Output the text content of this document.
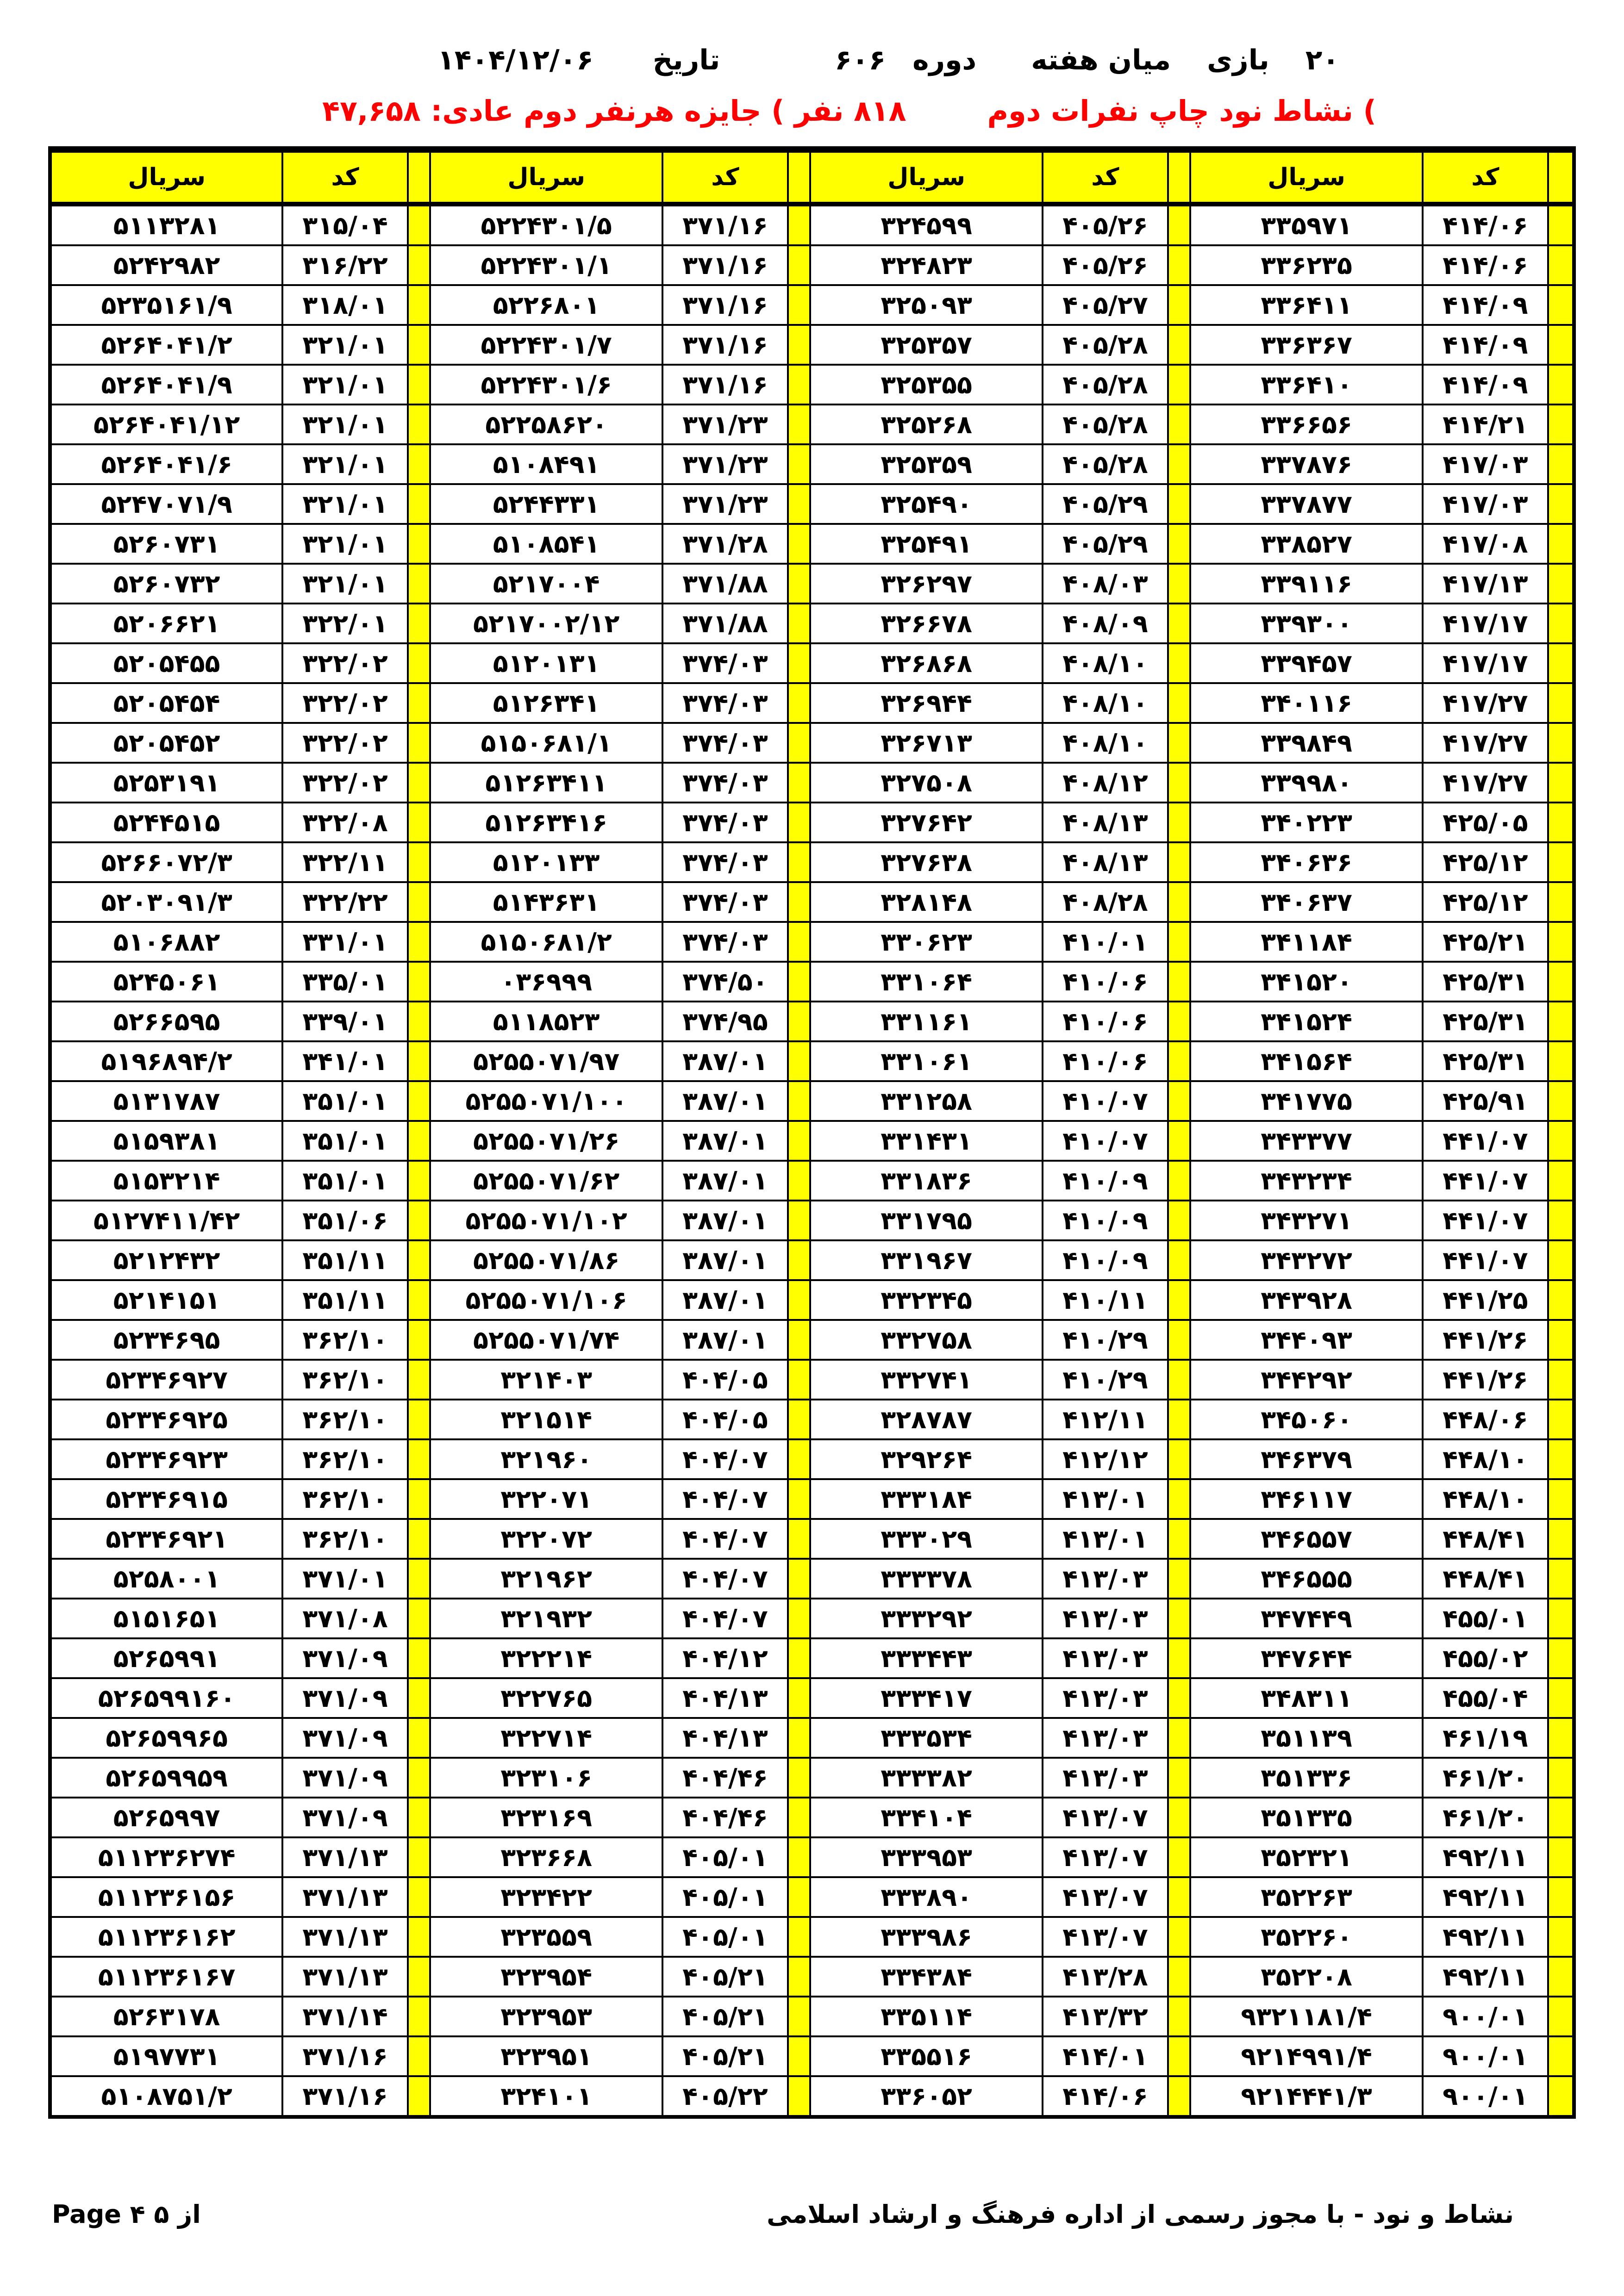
۲۰
بازی
میان هفته
دوره
۶۰۶
تاریخ
۱۴۰۴/۱۲/۰۶
) نشاط نود چاپ نفرات دوم
۸۱۸ نفر ) جایزه هرنفر دوم عادی: ۴۷,۶۵۸
	کد	سریال		کد	سریال		کد	سریال		کد	سریال
	۴۱۴/۰۶	۳۳۵۹۷۱		۴۰۵/۲۶	۳۲۴۵۹۹		۳۷۱/۱۶	۵۲۲۴۳۰۱/۵		۳۱۵/۰۴	۵۱۱۳۲۸۱
	۴۱۴/۰۶	۳۳۶۲۳۵		۴۰۵/۲۶	۳۲۴۸۲۳		۳۷۱/۱۶	۵۲۲۴۳۰۱/۱		۳۱۶/۲۲	۵۲۴۲۹۸۲
	۴۱۴/۰۹	۳۳۶۴۱۱		۴۰۵/۲۷	۳۲۵۰۹۳		۳۷۱/۱۶	۵۲۲۶۸۰۱		۳۱۸/۰۱	۵۲۳۵۱۶۱/۹
	۴۱۴/۰۹	۳۳۶۳۶۷		۴۰۵/۲۸	۳۲۵۳۵۷		۳۷۱/۱۶	۵۲۲۴۳۰۱/۷		۳۲۱/۰۱	۵۲۶۴۰۴۱/۲
	۴۱۴/۰۹	۳۳۶۴۱۰		۴۰۵/۲۸	۳۲۵۳۵۵		۳۷۱/۱۶	۵۲۲۴۳۰۱/۶		۳۲۱/۰۱	۵۲۶۴۰۴۱/۹
	۴۱۴/۲۱	۳۳۶۶۵۶		۴۰۵/۲۸	۳۲۵۲۶۸		۳۷۱/۲۳	۵۲۲۵۸۶۲۰		۳۲۱/۰۱	۵۲۶۴۰۴۱/۱۲
	۴۱۷/۰۳	۳۳۷۸۷۶		۴۰۵/۲۸	۳۲۵۳۵۹		۳۷۱/۲۳	۵۱۰۸۴۹۱		۳۲۱/۰۱	۵۲۶۴۰۴۱/۶
	۴۱۷/۰۳	۳۳۷۸۷۷		۴۰۵/۲۹	۳۲۵۴۹۰		۳۷۱/۲۳	۵۲۴۴۳۳۱		۳۲۱/۰۱	۵۲۴۷۰۷۱/۹
	۴۱۷/۰۸	۳۳۸۵۲۷		۴۰۵/۲۹	۳۲۵۴۹۱		۳۷۱/۲۸	۵۱۰۸۵۴۱		۳۲۱/۰۱	۵۲۶۰۷۳۱
	۴۱۷/۱۳	۳۳۹۱۱۶		۴۰۸/۰۳	۳۲۶۲۹۷		۳۷۱/۸۸	۵۲۱۷۰۰۴		۳۲۱/۰۱	۵۲۶۰۷۳۲
	۴۱۷/۱۷	۳۳۹۳۰۰		۴۰۸/۰۹	۳۲۶۶۷۸		۳۷۱/۸۸	۵۲۱۷۰۰۲/۱۲		۳۲۲/۰۱	۵۲۰۶۶۲۱
	۴۱۷/۱۷	۳۳۹۴۵۷		۴۰۸/۱۰	۳۲۶۸۶۸		۳۷۴/۰۳	۵۱۲۰۱۳۱		۳۲۲/۰۲	۵۲۰۵۴۵۵
	۴۱۷/۲۷	۳۴۰۱۱۶		۴۰۸/۱۰	۳۲۶۹۴۴		۳۷۴/۰۳	۵۱۲۶۳۴۱		۳۲۲/۰۲	۵۲۰۵۴۵۴
	۴۱۷/۲۷	۳۳۹۸۴۹		۴۰۸/۱۰	۳۲۶۷۱۳		۳۷۴/۰۳	۵۱۵۰۶۸۱/۱		۳۲۲/۰۲	۵۲۰۵۴۵۲
	۴۱۷/۲۷	۳۳۹۹۸۰		۴۰۸/۱۲	۳۲۷۵۰۸		۳۷۴/۰۳	۵۱۲۶۳۴۱۱		۳۲۲/۰۲	۵۲۵۳۱۹۱
	۴۲۵/۰۵	۳۴۰۲۲۳		۴۰۸/۱۳	۳۲۷۶۴۲		۳۷۴/۰۳	۵۱۲۶۳۴۱۶		۳۲۲/۰۸	۵۲۴۴۵۱۵
	۴۲۵/۱۲	۳۴۰۶۳۶		۴۰۸/۱۳	۳۲۷۶۳۸		۳۷۴/۰۳	۵۱۲۰۱۳۳		۳۲۲/۱۱	۵۲۶۶۰۷۲/۳
	۴۲۵/۱۲	۳۴۰۶۳۷		۴۰۸/۲۸	۳۲۸۱۴۸		۳۷۴/۰۳	۵۱۴۳۶۳۱		۳۲۲/۲۲	۵۲۰۳۰۹۱/۳
	۴۲۵/۲۱	۳۴۱۱۸۴		۴۱۰/۰۱	۳۳۰۶۲۳		۳۷۴/۰۳	۵۱۵۰۶۸۱/۲		۳۳۱/۰۱	۵۱۰۶۸۸۲
	۴۲۵/۳۱	۳۴۱۵۲۰		۴۱۰/۰۶	۳۳۱۰۶۴		۳۷۴/۵۰	۰۳۶۹۹۹		۳۳۵/۰۱	۵۲۴۵۰۶۱
	۴۲۵/۳۱	۳۴۱۵۲۴		۴۱۰/۰۶	۳۳۱۱۶۱		۳۷۴/۹۵	۵۱۱۸۵۲۳		۳۳۹/۰۱	۵۲۶۶۵۹۵
	۴۲۵/۳۱	۳۴۱۵۶۴		۴۱۰/۰۶	۳۳۱۰۶۱		۳۸۷/۰۱	۵۲۵۵۰۷۱/۹۷		۳۴۱/۰۱	۵۱۹۶۸۹۴/۲
	۴۲۵/۹۱	۳۴۱۷۷۵		۴۱۰/۰۷	۳۳۱۲۵۸		۳۸۷/۰۱	۵۲۵۵۰۷۱/۱۰۰		۳۵۱/۰۱	۵۱۳۱۷۸۷
	۴۴۱/۰۷	۳۴۳۳۷۷		۴۱۰/۰۷	۳۳۱۴۳۱		۳۸۷/۰۱	۵۲۵۵۰۷۱/۲۶		۳۵۱/۰۱	۵۱۵۹۳۸۱
	۴۴۱/۰۷	۳۴۳۲۳۴		۴۱۰/۰۹	۳۳۱۸۳۶		۳۸۷/۰۱	۵۲۵۵۰۷۱/۶۲		۳۵۱/۰۱	۵۱۵۳۲۱۴
	۴۴۱/۰۷	۳۴۳۲۷۱		۴۱۰/۰۹	۳۳۱۷۹۵		۳۸۷/۰۱	۵۲۵۵۰۷۱/۱۰۲		۳۵۱/۰۶	۵۱۲۷۴۱۱/۴۲
	۴۴۱/۰۷	۳۴۳۲۷۲		۴۱۰/۰۹	۳۳۱۹۶۷		۳۸۷/۰۱	۵۲۵۵۰۷۱/۸۶		۳۵۱/۱۱	۵۲۱۲۴۳۲
	۴۴۱/۲۵	۳۴۳۹۲۸		۴۱۰/۱۱	۳۳۲۳۴۵		۳۸۷/۰۱	۵۲۵۵۰۷۱/۱۰۶		۳۵۱/۱۱	۵۲۱۴۱۵۱
	۴۴۱/۲۶	۳۴۴۰۹۳		۴۱۰/۲۹	۳۳۲۷۵۸		۳۸۷/۰۱	۵۲۵۵۰۷۱/۷۴		۳۶۲/۱۰	۵۲۳۴۶۹۵
	۴۴۱/۲۶	۳۴۴۲۹۲		۴۱۰/۲۹	۳۳۲۷۴۱		۴۰۴/۰۵	۳۲۱۴۰۳		۳۶۲/۱۰	۵۲۳۴۶۹۲۷
	۴۴۸/۰۶	۳۴۵۰۶۰		۴۱۲/۱۱	۳۲۸۷۸۷		۴۰۴/۰۵	۳۲۱۵۱۴		۳۶۲/۱۰	۵۲۳۴۶۹۲۵
	۴۴۸/۱۰	۳۴۶۳۷۹		۴۱۲/۱۲	۳۲۹۲۶۴		۴۰۴/۰۷	۳۲۱۹۶۰		۳۶۲/۱۰	۵۲۳۴۶۹۲۳
	۴۴۸/۱۰	۳۴۶۱۱۷		۴۱۳/۰۱	۳۳۳۱۸۴		۴۰۴/۰۷	۳۲۲۰۷۱		۳۶۲/۱۰	۵۲۳۴۶۹۱۵
	۴۴۸/۴۱	۳۴۶۵۵۷		۴۱۳/۰۱	۳۳۳۰۲۹		۴۰۴/۰۷	۳۲۲۰۷۲		۳۶۲/۱۰	۵۲۳۴۶۹۲۱
	۴۴۸/۴۱	۳۴۶۵۵۵		۴۱۳/۰۳	۳۳۳۳۷۸		۴۰۴/۰۷	۳۲۱۹۶۲		۳۷۱/۰۱	۵۲۵۸۰۰۱
	۴۵۵/۰۱	۳۴۷۴۴۹		۴۱۳/۰۳	۳۳۳۲۹۲		۴۰۴/۰۷	۳۲۱۹۳۲		۳۷۱/۰۸	۵۱۵۱۶۵۱
	۴۵۵/۰۲	۳۴۷۶۴۴		۴۱۳/۰۳	۳۳۳۴۴۳		۴۰۴/۱۲	۳۲۲۲۱۴		۳۷۱/۰۹	۵۲۶۵۹۹۱
	۴۵۵/۰۴	۳۴۸۳۱۱		۴۱۳/۰۳	۳۳۳۴۱۷		۴۰۴/۱۳	۳۲۲۷۶۵		۳۷۱/۰۹	۵۲۶۵۹۹۱۶۰
	۴۶۱/۱۹	۳۵۱۱۳۹		۴۱۳/۰۳	۳۳۳۵۳۴		۴۰۴/۱۳	۳۲۲۷۱۴		۳۷۱/۰۹	۵۲۶۵۹۹۶۵
	۴۶۱/۲۰	۳۵۱۳۳۶		۴۱۳/۰۳	۳۳۳۳۸۲		۴۰۴/۴۶	۳۲۳۱۰۶		۳۷۱/۰۹	۵۲۶۵۹۹۵۹
	۴۶۱/۲۰	۳۵۱۳۳۵		۴۱۳/۰۷	۳۳۴۱۰۴		۴۰۴/۴۶	۳۲۳۱۶۹		۳۷۱/۰۹	۵۲۶۵۹۹۷
	۴۹۲/۱۱	۳۵۲۳۲۱		۴۱۳/۰۷	۳۳۳۹۵۳		۴۰۵/۰۱	۳۲۳۶۶۸		۳۷۱/۱۳	۵۱۱۲۳۶۲۷۴
	۴۹۲/۱۱	۳۵۲۲۶۳		۴۱۳/۰۷	۳۳۳۸۹۰		۴۰۵/۰۱	۳۲۳۴۲۲		۳۷۱/۱۳	۵۱۱۲۳۶۱۵۶
	۴۹۲/۱۱	۳۵۲۲۶۰		۴۱۳/۰۷	۳۳۳۹۸۶		۴۰۵/۰۱	۳۲۳۵۵۹		۳۷۱/۱۳	۵۱۱۲۳۶۱۶۲
	۴۹۲/۱۱	۳۵۲۲۰۸		۴۱۳/۲۸	۳۳۴۳۸۴		۴۰۵/۲۱	۳۲۳۹۵۴		۳۷۱/۱۳	۵۱۱۲۳۶۱۶۷
	۹۰۰/۰۱	۹۳۲۱۱۸۱/۴		۴۱۳/۳۲	۳۳۵۱۱۴		۴۰۵/۲۱	۳۲۳۹۵۳		۳۷۱/۱۴	۵۲۶۳۱۷۸
	۹۰۰/۰۱	۹۲۱۴۹۹۱/۴		۴۱۴/۰۱	۳۳۵۵۱۶		۴۰۵/۲۱	۳۲۳۹۵۱		۳۷۱/۱۶	۵۱۹۷۷۳۱
	۹۰۰/۰۱	۹۲۱۴۴۴۱/۳		۴۱۴/۰۶	۳۳۶۰۵۲		۴۰۵/۲۲	۳۲۴۱۰۱		۳۷۱/۱۶	۵۱۰۸۷۵۱/۲
Page ۴ از ۵	نشاط و نود - با مجوز رسمی از اداره فرهنگ و ارشاد اسلامی
